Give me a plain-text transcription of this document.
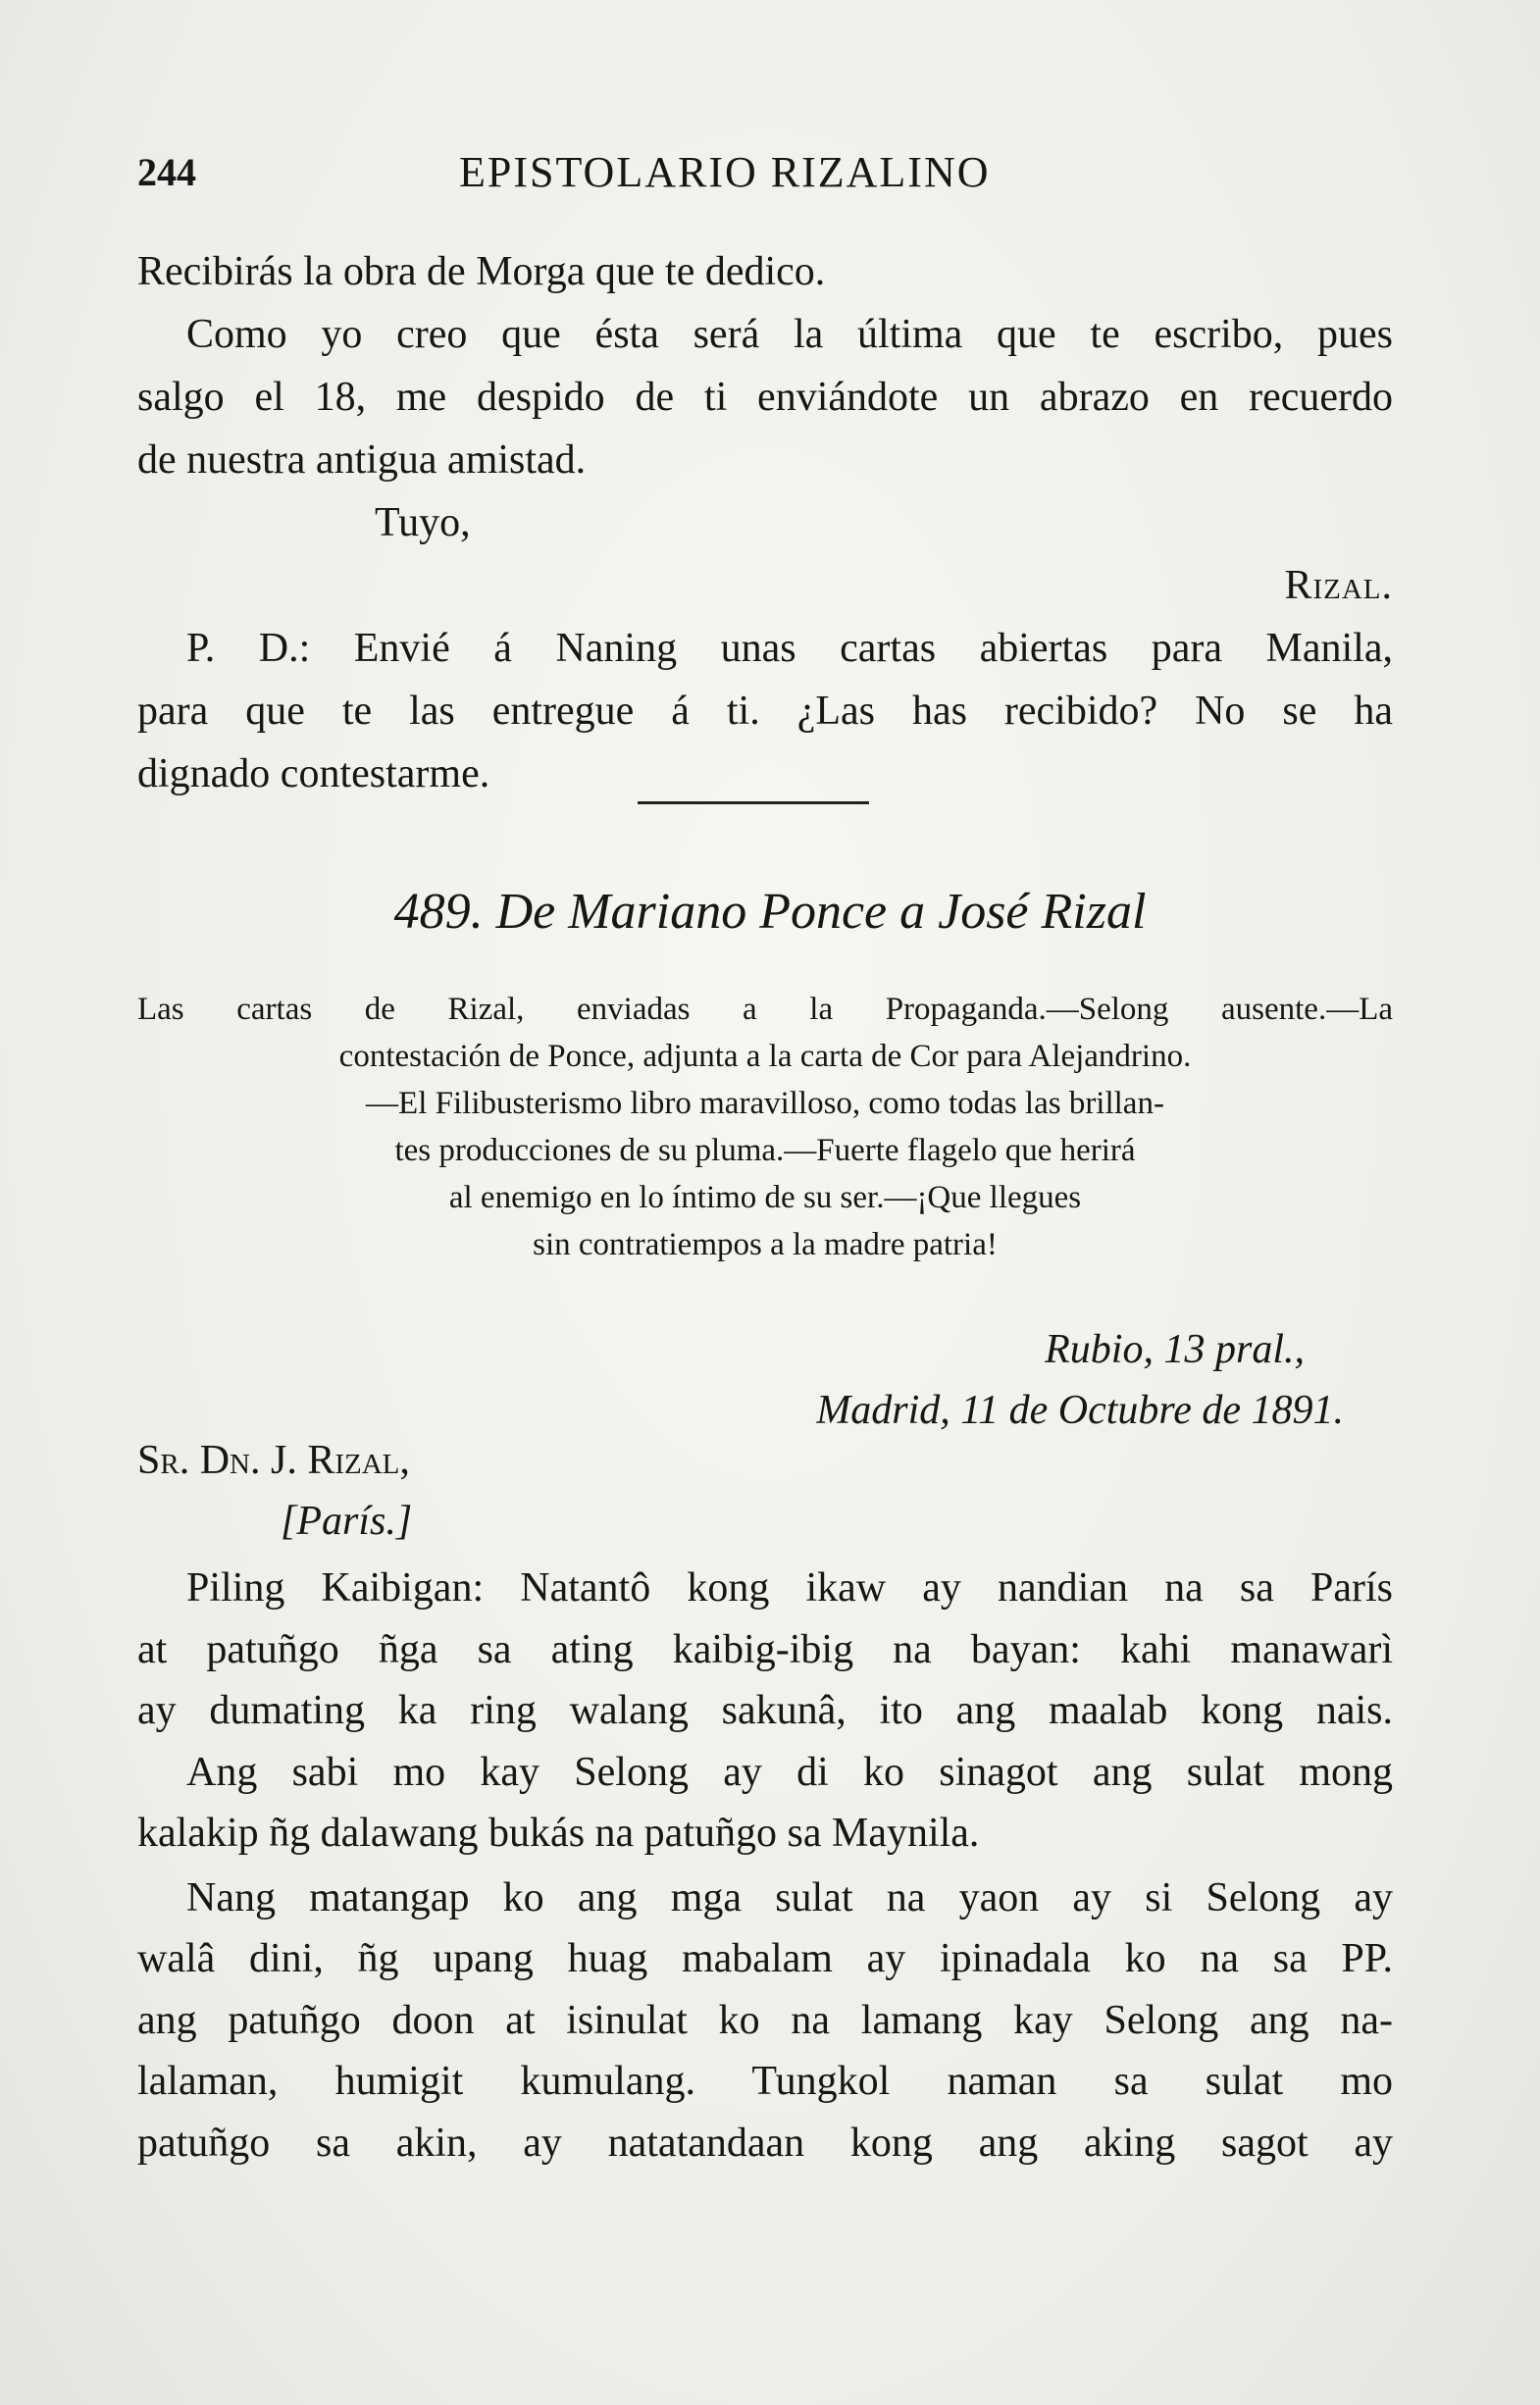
244	EPISTOLARIO RIZALINO

Recibirás la obra de Morga que te dedico.

Como yo creo que ésta será la última que te escribo, pues

salgo el 18, me despido de ti enviándote un abrazo en recuerdo

de nuestra antigua amistad.

Tuyo,

Rizal.

P. D.: Envié á Naning unas cartas abiertas para Manila,

para que te las entregue á ti. ¿Las has recibido? No se ha

dignado contestarme.

489. De Mariano Ponce a José Rizal

Las cartas de Rizal, enviadas a la Propaganda.—Selong ausente.—La

contestación de Ponce, adjunta a la carta de Cor para Alejandrino.

—El Filibusterismo libro maravilloso, como todas las brillan-

tes producciones de su pluma.—Fuerte flagelo que herirá

al enemigo en lo íntimo de su ser.—¡Que llegues

sin contratiempos a la madre patria!

Rubio, 13 pral.,

Madrid, 11 de Octubre de 1891.

Sr. Dn. J. Rizal,

[París.]

Piling Kaibigan: Natantô kong ikaw ay nandian na sa París

at patuñgo ñga sa ating kaibig-ibig na bayan: kahi manawarì

ay dumating ka ring walang sakunâ, ito ang maalab kong nais.

Ang sabi mo kay Selong ay di ko sinagot ang sulat mong

kalakip ñg dalawang bukás na patuñgo sa Maynila.

Nang matangap ko ang mga sulat na yaon ay si Selong ay

walâ dini, ñg upang huag mabalam ay ipinadala ko na sa PP.

ang patuñgo doon at isinulat ko na lamang kay Selong ang na-

lalaman, humigit kumulang. Tungkol naman sa sulat mo

patuñgo sa akin, ay natatandaan kong ang aking sagot ay
